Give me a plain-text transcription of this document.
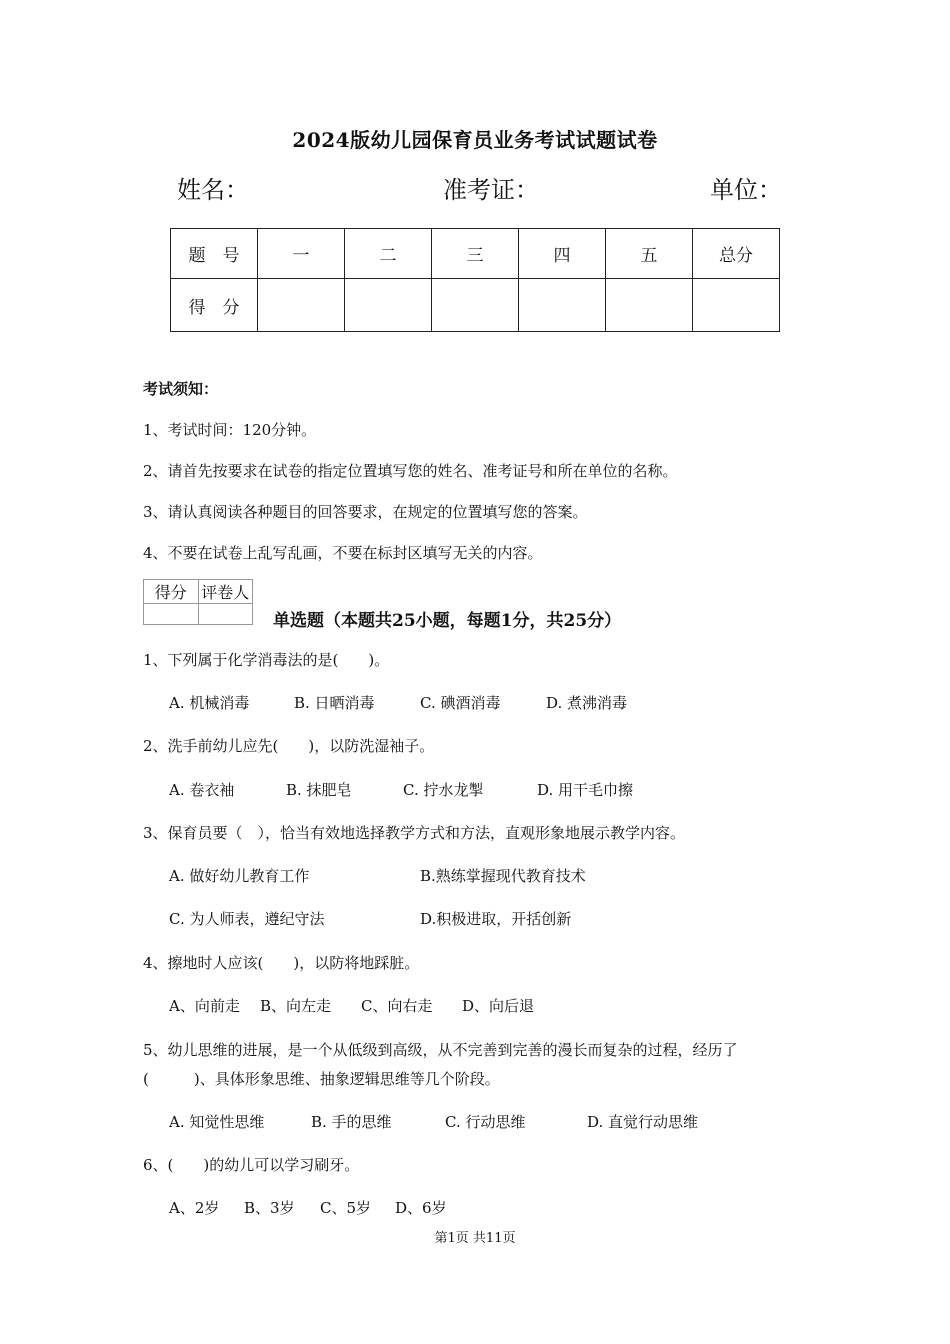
2024版幼儿园保育员业务考试试题试卷
姓名：	准考证：	单位：
题　号	一	二	三	四	五	总分
得　分						
考试须知：
1、考试时间：120分钟。
2、请首先按要求在试卷的指定位置填写您的姓名、准考证号和所在单位的名称。
3、请认真阅读各种题目的回答要求，在规定的位置填写您的答案。
4、不要在试卷上乱写乱画，不要在标封区填写无关的内容。
得分	评卷人

单选题（本题共25小题，每题1分，共25分）
1、下列属于化学消毒法的是(　　)。
A. 机械消毒	B. 日晒消毒	C. 碘酒消毒	D. 煮沸消毒
2、洗手前幼儿应先(　　)，以防洗湿袖子。
A. 卷衣袖	B. 抹肥皂	C. 拧水龙掣	D. 用干毛巾擦
3、保育员要（　），恰当有效地选择教学方式和方法，直观形象地展示教学内容。
A. 做好幼儿教育工作	B.熟练掌握现代教育技术
C. 为人师表，遵纪守法	D.积极进取，开括创新
4、擦地时人应该(　　)，以防将地踩脏。
A、向前走 B、向左走 C、向右走 D、向后退
5、幼儿思维的进展，是一个从低级到高级，从不完善到完善的漫长而复杂的过程，经历了
(　　　)、具体形象思维、抽象逻辑思维等几个阶段。
A. 知觉性思维	B. 手的思维	C. 行动思维	D. 直觉行动思维
6、(　　)的幼儿可以学习刷牙。
A、2岁 B、3岁 C、5岁 D、6岁
第1页 共11页
